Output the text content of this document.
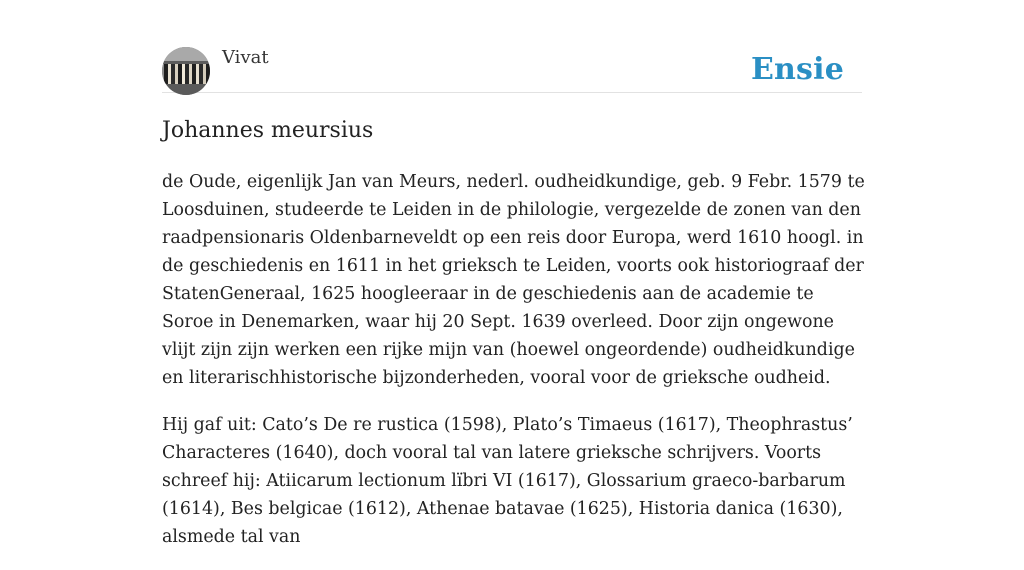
Vivat	Ensie
Johannes meursius

de Oude, eigenlijk Jan van Meurs, nederl. oudheidkundige, geb. 9 Febr. 1579 te Loosduinen, studeerde te Leiden in de philologie, vergezelde de zonen van den raadpensionaris Oldenbarneveldt op een reis door Europa, werd 1610 hoogl. in de geschiedenis en 1611 in het grieksch te Leiden, voorts ook historiograaf der StatenGeneraal, 1625 hoogleeraar in de geschiedenis aan de academie te Soroe in Denemarken, waar hij 20 Sept. 1639 overleed. Door zijn ongewone vlijt zijn zijn werken een rijke mijn van (hoewel ongeordende) oudheidkundige en literarischhistorische bijzonderheden, vooral voor de grieksche oudheid.

Hij gaf uit: Cato’s De re rustica (1598), Plato’s Timaeus (1617), Theophrastus’ Characteres (1640), doch vooral tal van latere grieksche schrijvers. Voorts schreef hij: Atiicarum lectionum lïbri VI (1617), Glossarium graeco-barbarum (1614), Bes belgicae (1612), Athenae batavae (1625), Historia danica (1630), alsmede tal van
